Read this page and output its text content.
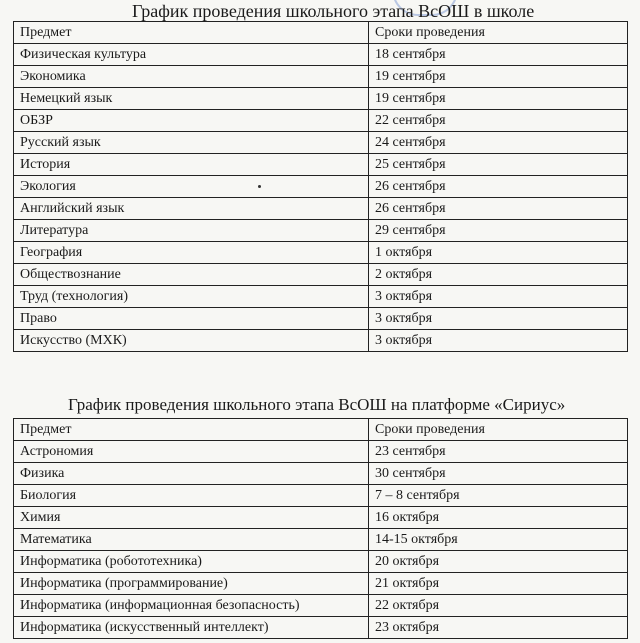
График проведения школьного этапа ВсОШ в школе
Предмет	Сроки проведения
Физическая культура	18 сентября
Экономика	19 сентября
Немецкий язык	19 сентября
ОБЗР	22 сентября
Русский язык	24 сентября
История	25 сентября
Экология	26 сентября
Английский язык	26 сентября
Литература	29 сентября
География	1 октября
Обществознание	2 октября
Труд (технология)	3 октября
Право	3 октября
Искусство (МХК)	3 октября
График проведения школьного этапа ВсОШ на платформе «Сириус»
Предмет	Сроки проведения
Астрономия	23 сентября
Физика	30 сентября
Биология	7 – 8 сентября
Химия	16 октября
Математика	14-15 октября
Информатика (робототехника)	20 октября
Информатика (программирование)	21 октября
Информатика (информационная безопасность)	22 октября
Информатика (искусственный интеллект)	23 октября
